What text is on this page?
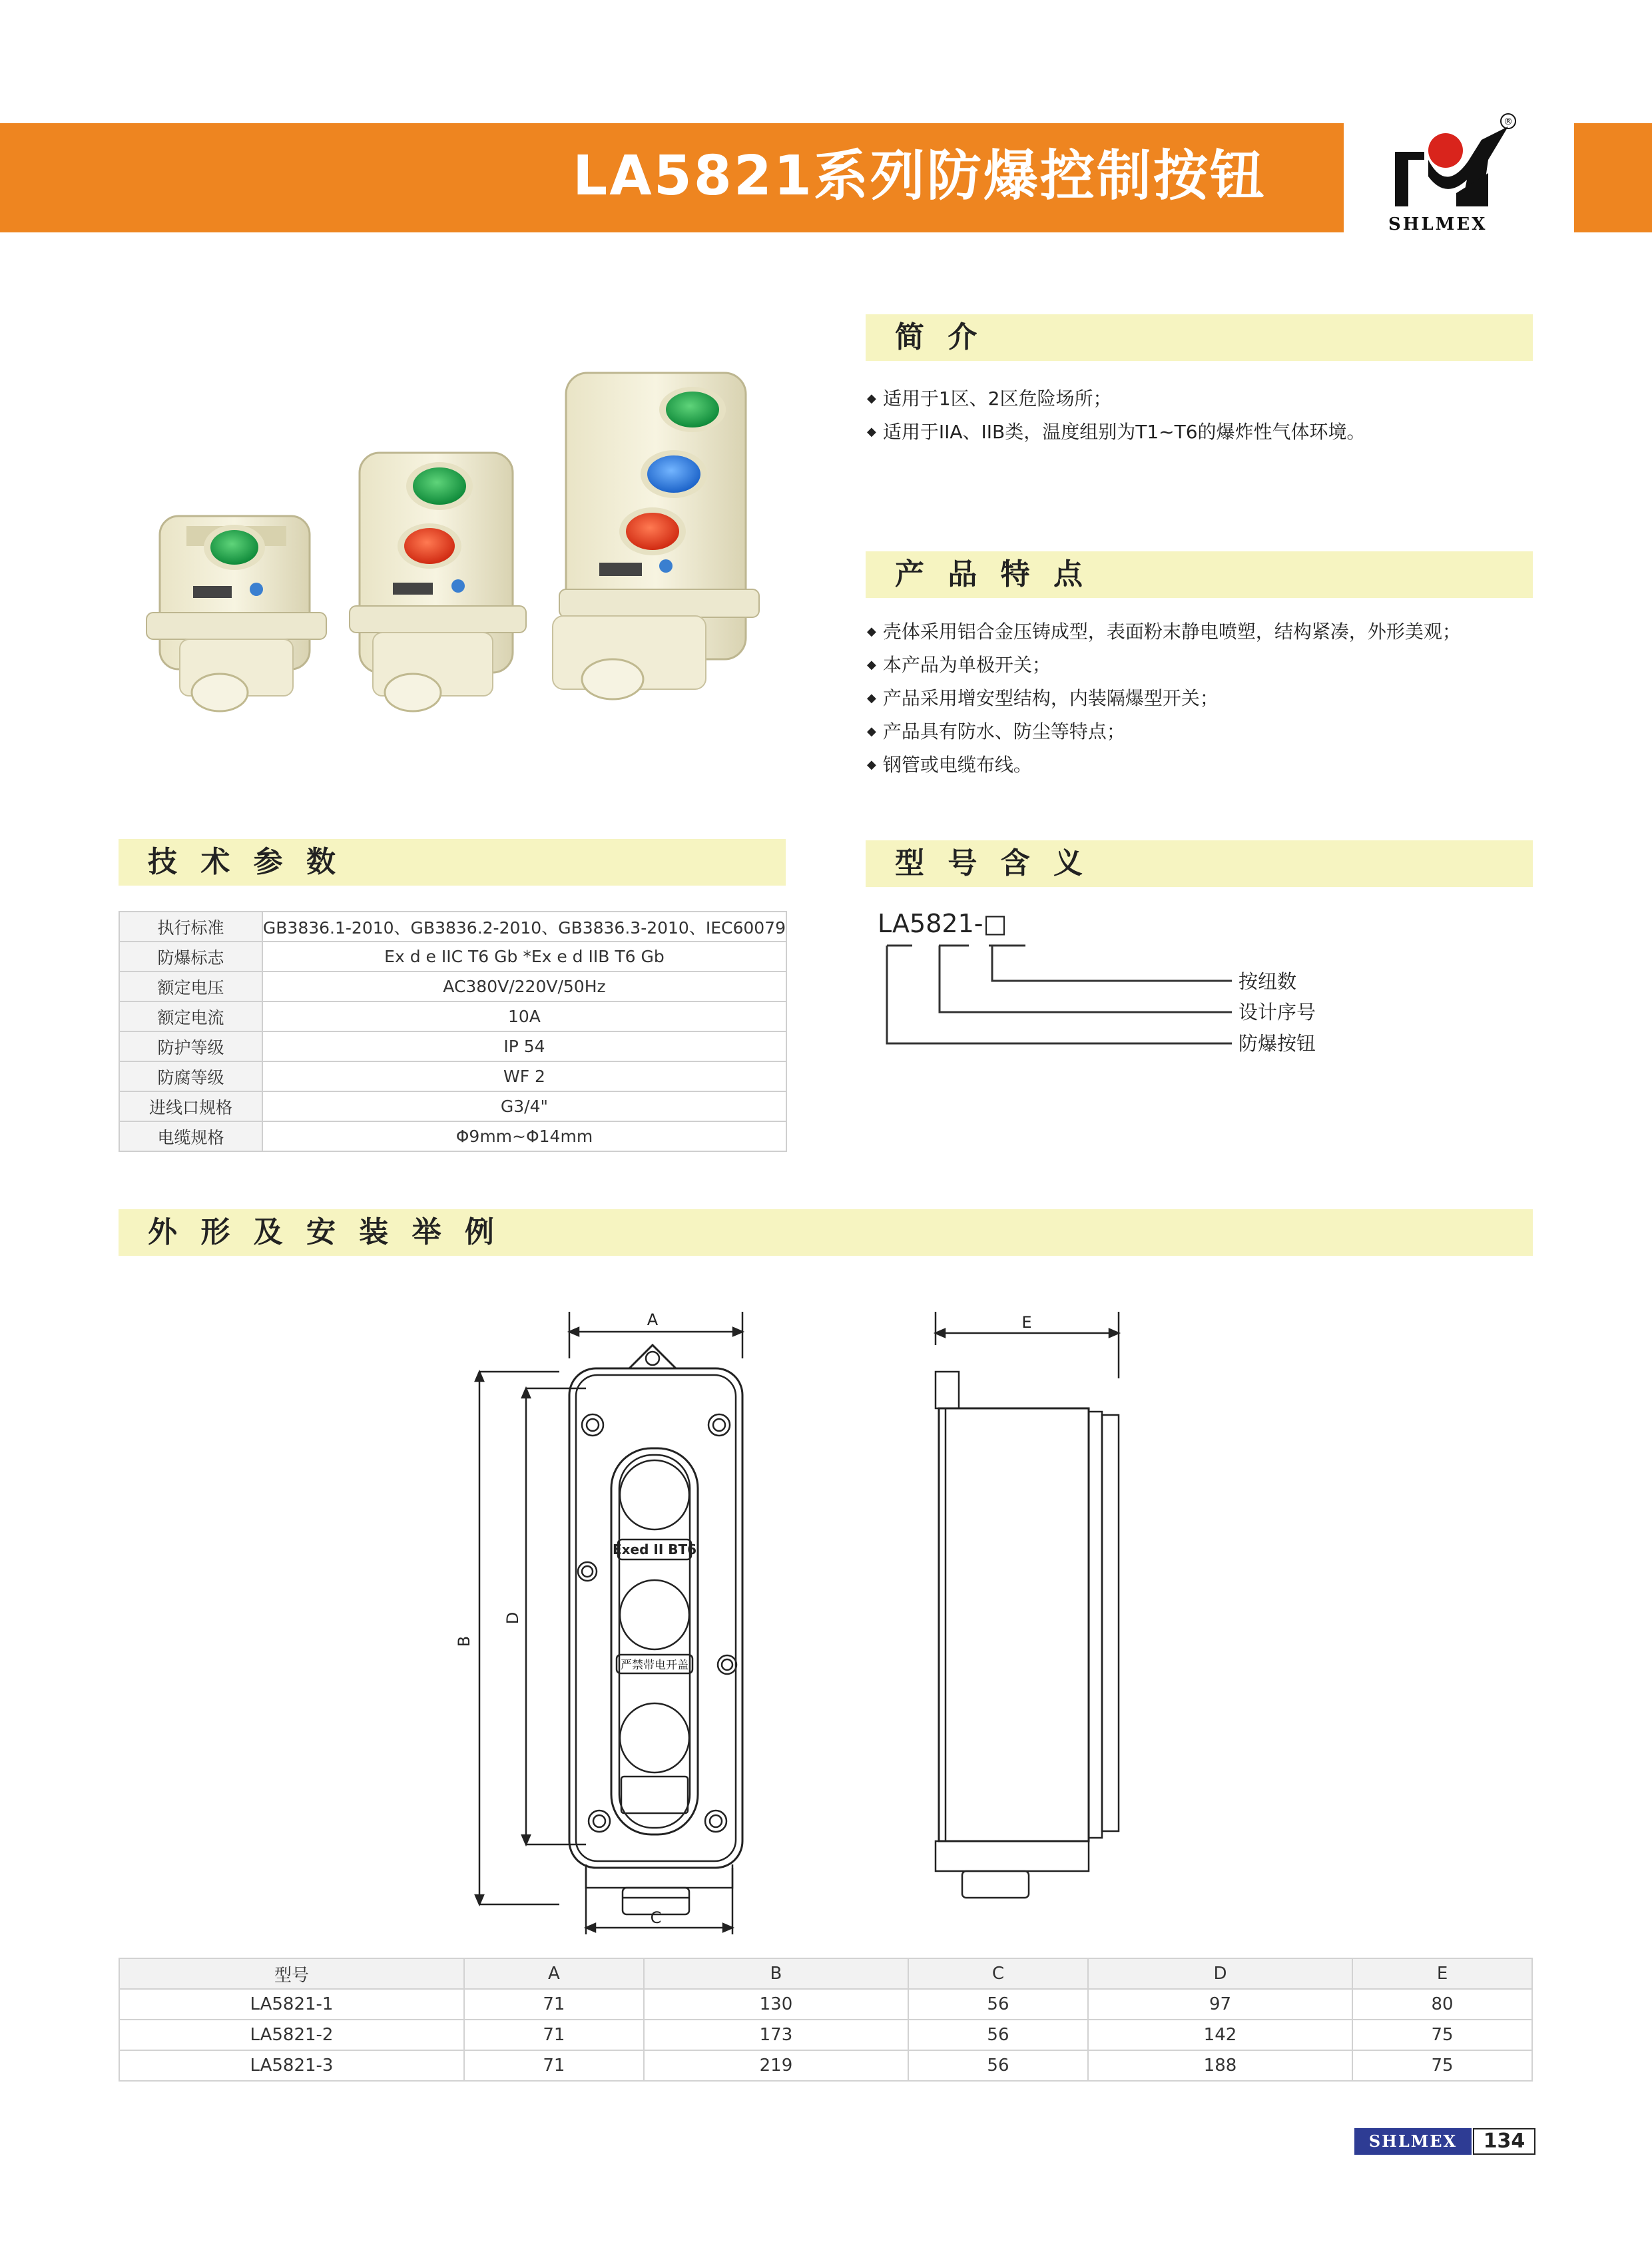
LA5821系列防爆控制按钮
®
SHLMEX
简 介
◆ 适用于1区、2区危险场所；
◆ 适用于IIA、IIB类，温度组别为T1~T6的爆炸性气体环境。
产 品 特 点
◆ 壳体采用铝合金压铸成型，表面粉末静电喷塑，结构紧凑，外形美观；
◆ 本产品为单极开关；
◆ 产品采用增安型结构，内装隔爆型开关；
◆ 产品具有防水、防尘等特点；
◆ 钢管或电缆布线。
技 术 参 数
执行标准	GB3836.1-2010、GB3836.2-2010、GB3836.3-2010、IEC60079
防爆标志	Ex d e IIC T6 Gb *Ex e d IIB T6 Gb
额定电压	AC380V/220V/50Hz
额定电流	10A
防护等级	IP 54
防腐等级	WF 2
进线口规格	G3/4"
电缆规格	Φ9mm~Φ14mm
型 号 含 义
LA5821-□
按纽数
设计序号
防爆按钮
外 形 及 安 装 举 例
A
B
D
C
E
Exed II BT6
严禁带电开盖
型号	A	B	C	D	E
LA5821-1	71	130	56	97	80
LA5821-2	71	173	56	142	75
LA5821-3	71	219	56	188	75
SHLMEX	134
